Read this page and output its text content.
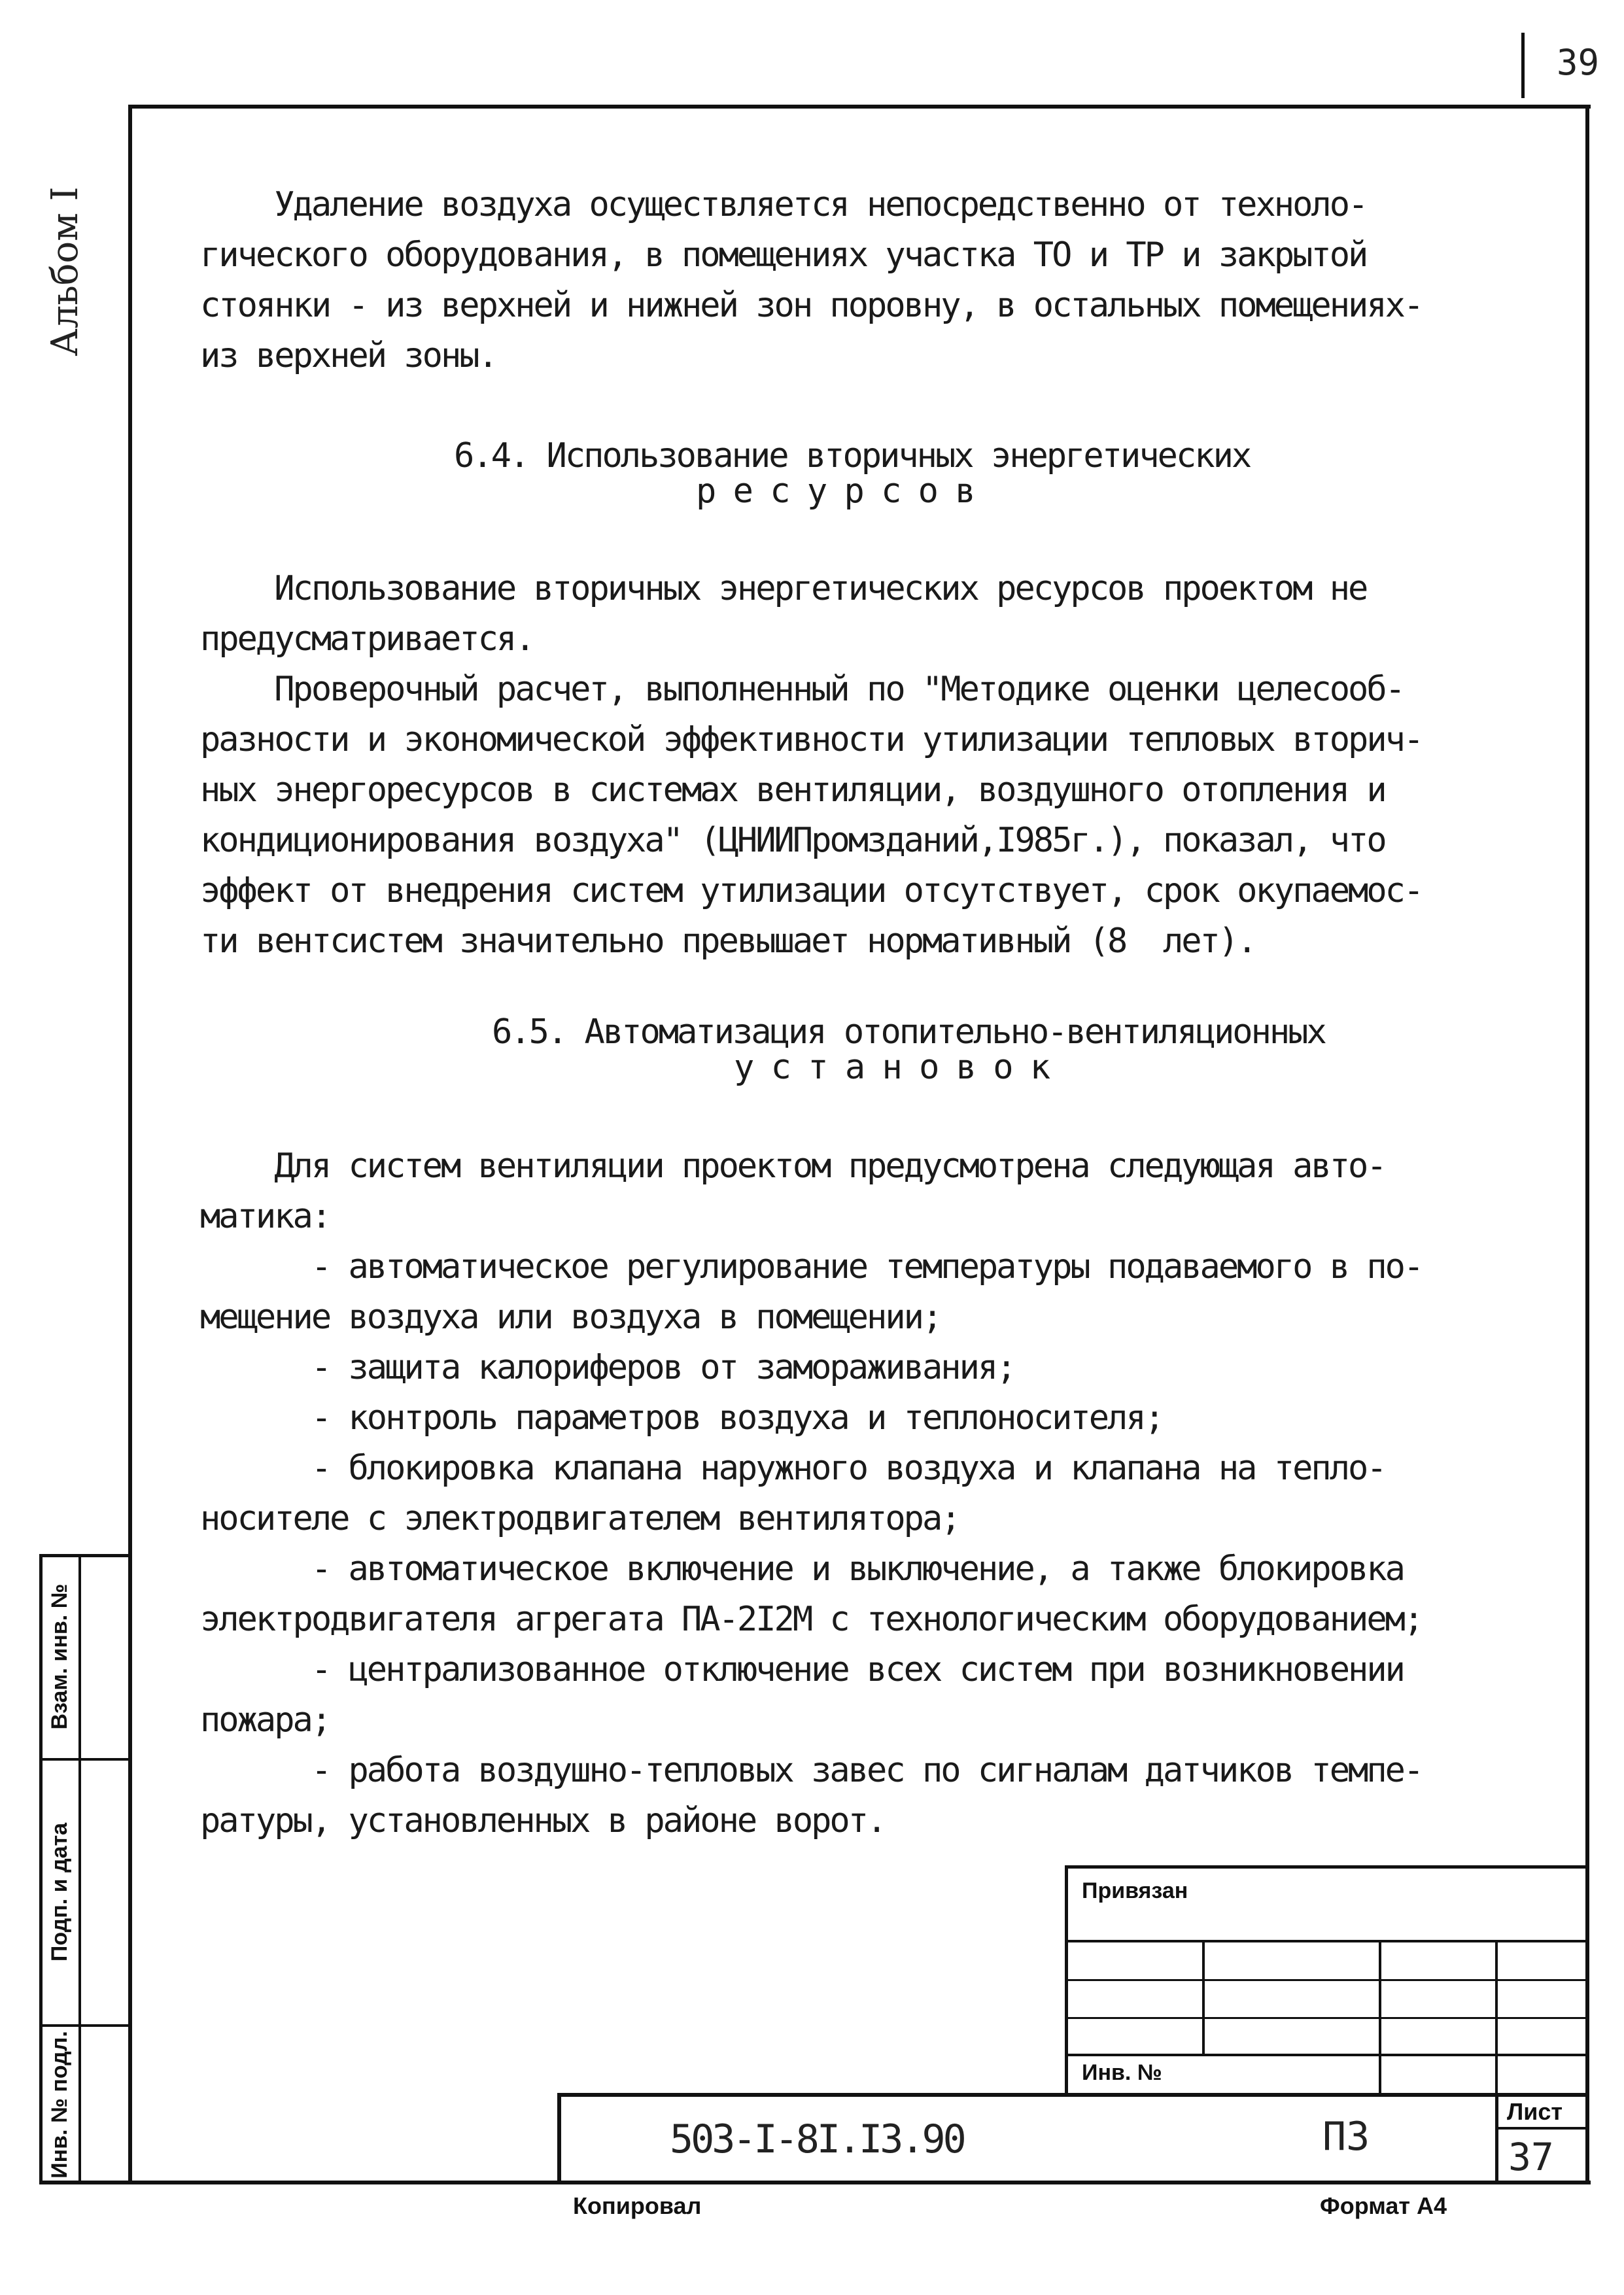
39
Альбом I
Взам. инв. №
Подп. и дата
Инв. № подл.
Удаление воздуха осуществляется непосредственно от техноло-
гического оборудования, в помещениях участка ТО и ТР и закрытой
стоянки - из верхней и нижней зон поровну, в остальных помещениях-
из верхней зоны.
6.4. Использование вторичных энергетических
р е с у р с о в
Использование вторичных энергетических ресурсов проектом не
предусматривается.
Проверочный расчет, выполненный по "Методике оценки целесооб-
разности и экономической эффективности утилизации тепловых вторич-
ных энергоресурсов в системах вентиляции, воздушного отопления и
кондиционирования воздуха" (ЦНИИПромзданий,I985г.), показал, что
эффект от внедрения систем утилизации отсутствует, срок окупаемос-
ти вентсистем значительно превышает нормативный (8  лет).
6.5. Автоматизация отопительно-вентиляционных
у с т а н о в о к
Для систем вентиляции проектом предусмотрена следующая авто-
матика:
- автоматическое регулирование температуры подаваемого в по-
мещение воздуха или воздуха в помещении;
- защита калориферов от замораживания;
- контроль параметров воздуха и теплоносителя;
- блокировка клапана наружного воздуха и клапана на тепло-
носителе с электродвигателем вентилятора;
- автоматическое включение и выключение, а также блокировка
электродвигателя агрегата ПА-2I2М с технологическим оборудованием;
- централизованное отключение всех систем при возникновении
пожара;
- работа воздушно-тепловых завес по сигналам датчиков темпе-
ратуры, установленных в районе ворот.
Привязан
Инв. №
503-I-8I.I3.90	ПЗ
Лист
37
Копировал	Формат А4
